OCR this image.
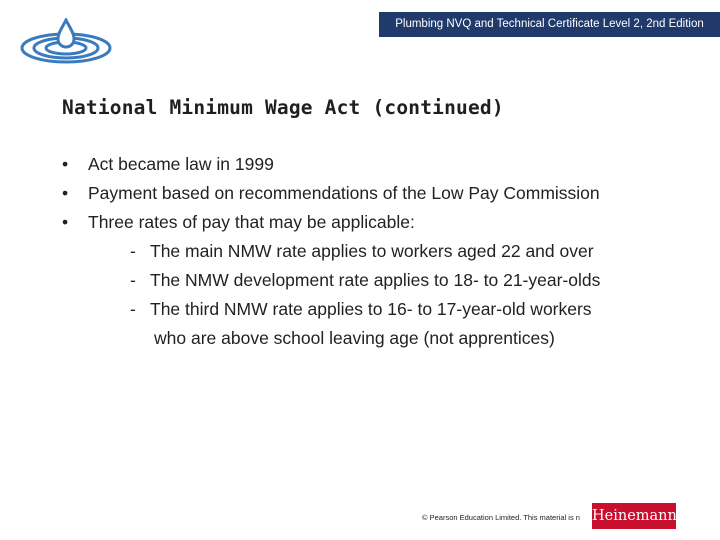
Plumbing NVQ and Technical Certificate Level 2, 2nd Edition
National Minimum Wage Act (continued)
• Act became law in 1999
• Payment based on recommendations of the Low Pay Commission
• Three rates of pay that may be applicable:
- The main NMW rate applies to workers aged 22 and over
- The NMW development rate applies to 18- to 21-year-olds
- The third NMW rate applies to 16- to 17-year-old workers
who are above school leaving age (not apprentices)
© Pearson Education Limited. This material is n Heinemann
